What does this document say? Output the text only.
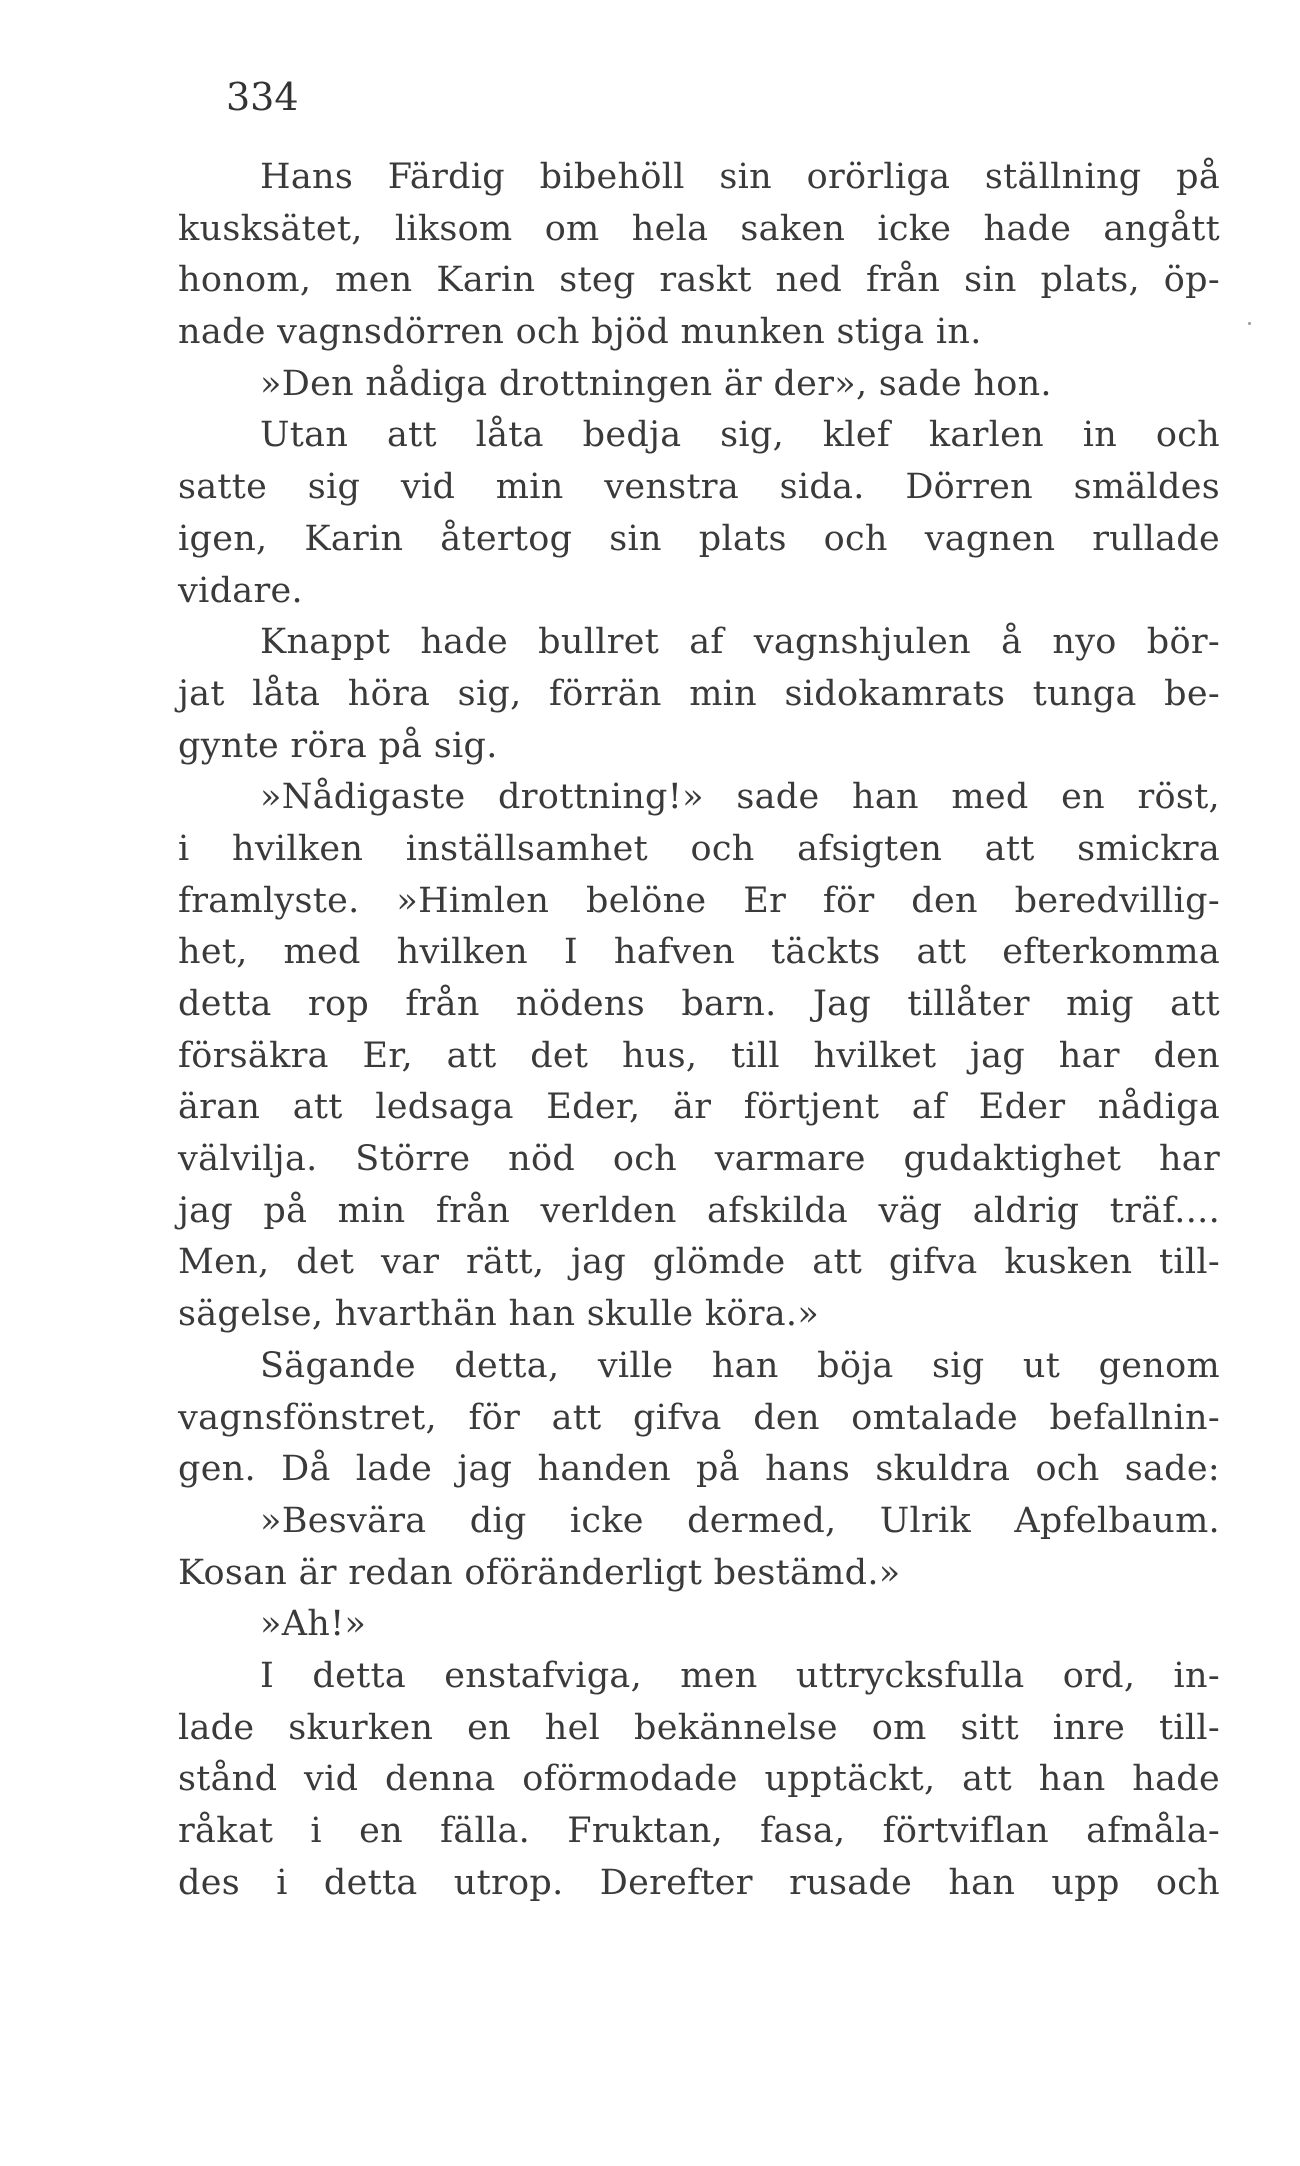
334
Hans Färdig bibehöll sin orörliga ställning på
kusksätet, liksom om hela saken icke hade angått
honom, men Karin steg raskt ned från sin plats, öp-
nade vagnsdörren och bjöd munken stiga in.
»Den nådiga drottningen är der», sade hon.
Utan att låta bedja sig, klef karlen in och
satte sig vid min venstra sida. Dörren smäldes
igen, Karin återtog sin plats och vagnen rullade
vidare.
Knappt hade bullret af vagnshjulen å nyo bör-
jat låta höra sig, förrän min sidokamrats tunga be-
gynte röra på sig.
»Nådigaste drottning!» sade han med en röst,
i hvilken inställsamhet och afsigten att smickra
framlyste. »Himlen belöne Er för den beredvillig-
het, med hvilken I hafven täckts att efterkomma
detta rop från nödens barn. Jag tillåter mig att
försäkra Er, att det hus, till hvilket jag har den
äran att ledsaga Eder, är förtjent af Eder nådiga
välvilja. Större nöd och varmare gudaktighet har
jag på min från verlden afskilda väg aldrig träf....
Men, det var rätt, jag glömde att gifva kusken till-
sägelse, hvarthän han skulle köra.»
Sägande detta, ville han böja sig ut genom
vagnsfönstret, för att gifva den omtalade befallnin-
gen. Då lade jag handen på hans skuldra och sade:
»Besvära dig icke dermed, Ulrik Apfelbaum.
Kosan är redan oföränderligt bestämd.»
»Ah!»
I detta enstafviga, men uttrycksfulla ord, in-
lade skurken en hel bekännelse om sitt inre till-
stånd vid denna oförmodade upptäckt, att han hade
råkat i en fälla. Fruktan, fasa, förtviflan afmåla-
des i detta utrop. Derefter rusade han upp och
